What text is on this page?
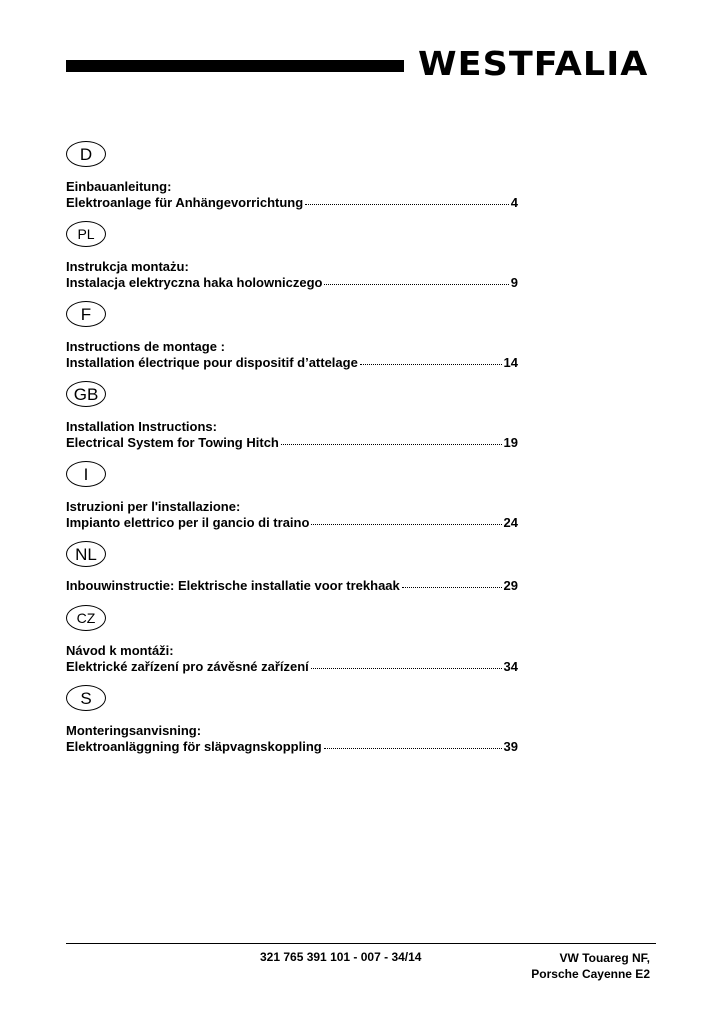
WESTFALIA
D
Einbauanleitung:
Elektroanlage für Anhängevorrichtung	4
PL
Instrukcja montażu:
Instalacja elektryczna haka holowniczego	9
F
Instructions de montage :
Installation électrique pour dispositif d’attelage	14
GB
Installation Instructions:
Electrical System for Towing Hitch	19
I
Istruzioni per l'installazione:
Impianto elettrico per il gancio di traino	24
NL
Inbouwinstructie: Elektrische installatie voor trekhaak	29
CZ
Návod k montáži:
Elektrické zařízení pro závěsné zařízení	34
S
Monteringsanvisning:
Elektroanläggning för släpvagnskoppling	39
321 765 391 101 - 007 - 34/14	VW Touareg NF,
Porsche Cayenne E2
